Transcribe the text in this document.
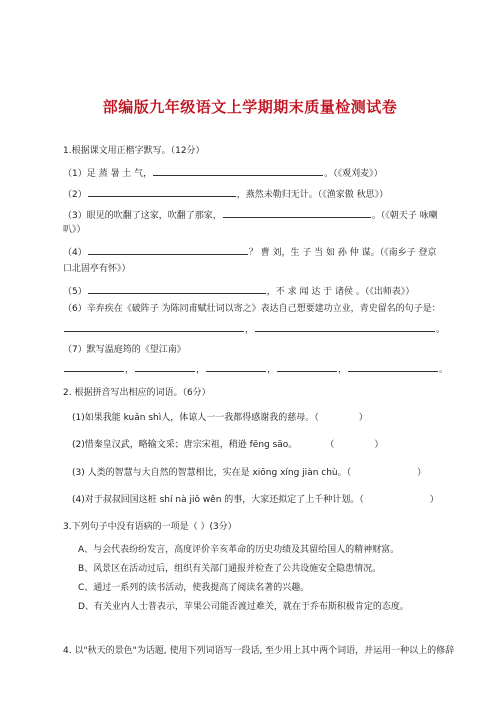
部编版九年级语文上学期期末质量检测试卷
1.根据课文用正楷字默写。（12分）
（1）足 蒸 暑 土 气，	。（《观刈麦》）
（2）	，燕然未勒归无计。（《渔家傲 秋思》）
（3）眼见的吹翻了这家，吹翻了那家，	。（《朝天子 咏喇
叭》）
（4）	？ 曹 刘，生 子 当 如 孙 仲 谋。（《南乡子 登京
口北固亭有怀》）
（5）	，不 求 闻 达 于 诸侯 。（《出师表》）
（6）辛弃疾在《破阵子 为陈同甫赋壮词以寄之》表达自己想要建功立业，青史留名的句子是：
，	。
（7）默写温庭筠的《望江南》
，	，	，	，	。
2. 根据拼音写出相应的词语。（6分）
(1)如果我能 kuǎn shì人，体谅人一一我都得感谢我的慈母。（	）
(2)惜秦皇汉武，略输文采；唐宗宋祖，稍逊 fēng sāo。	（	）
(3) 人类的智慧与大自然的智慧相比，实在是 xiōng xíng jiàn chù。（	）
(4)对于叔叔回国这桩 shí nà jiǒ wěn 的事，大家还拟定了上千种计划。（	）
3.下列句子中没有语病的一项是（ ）(3分）
A、与会代表纷纷发言，高度评价辛亥革命的历史功绩及其留给国人的精神财富。
B、风景区在活动过后，组织有关部门通报并检查了公共设施安全隐患情况。
C、通过一系列的读书活动，使我提高了阅读名著的兴趣。
D、有关业内人士普表示，苹果公司能否渡过难关，就在于乔布斯积极肯定的态度。
4. 以"秋天的景色"为话题, 使用下列词语写一段话, 至少用上其中两个词语，并运用一种以上的修辞
